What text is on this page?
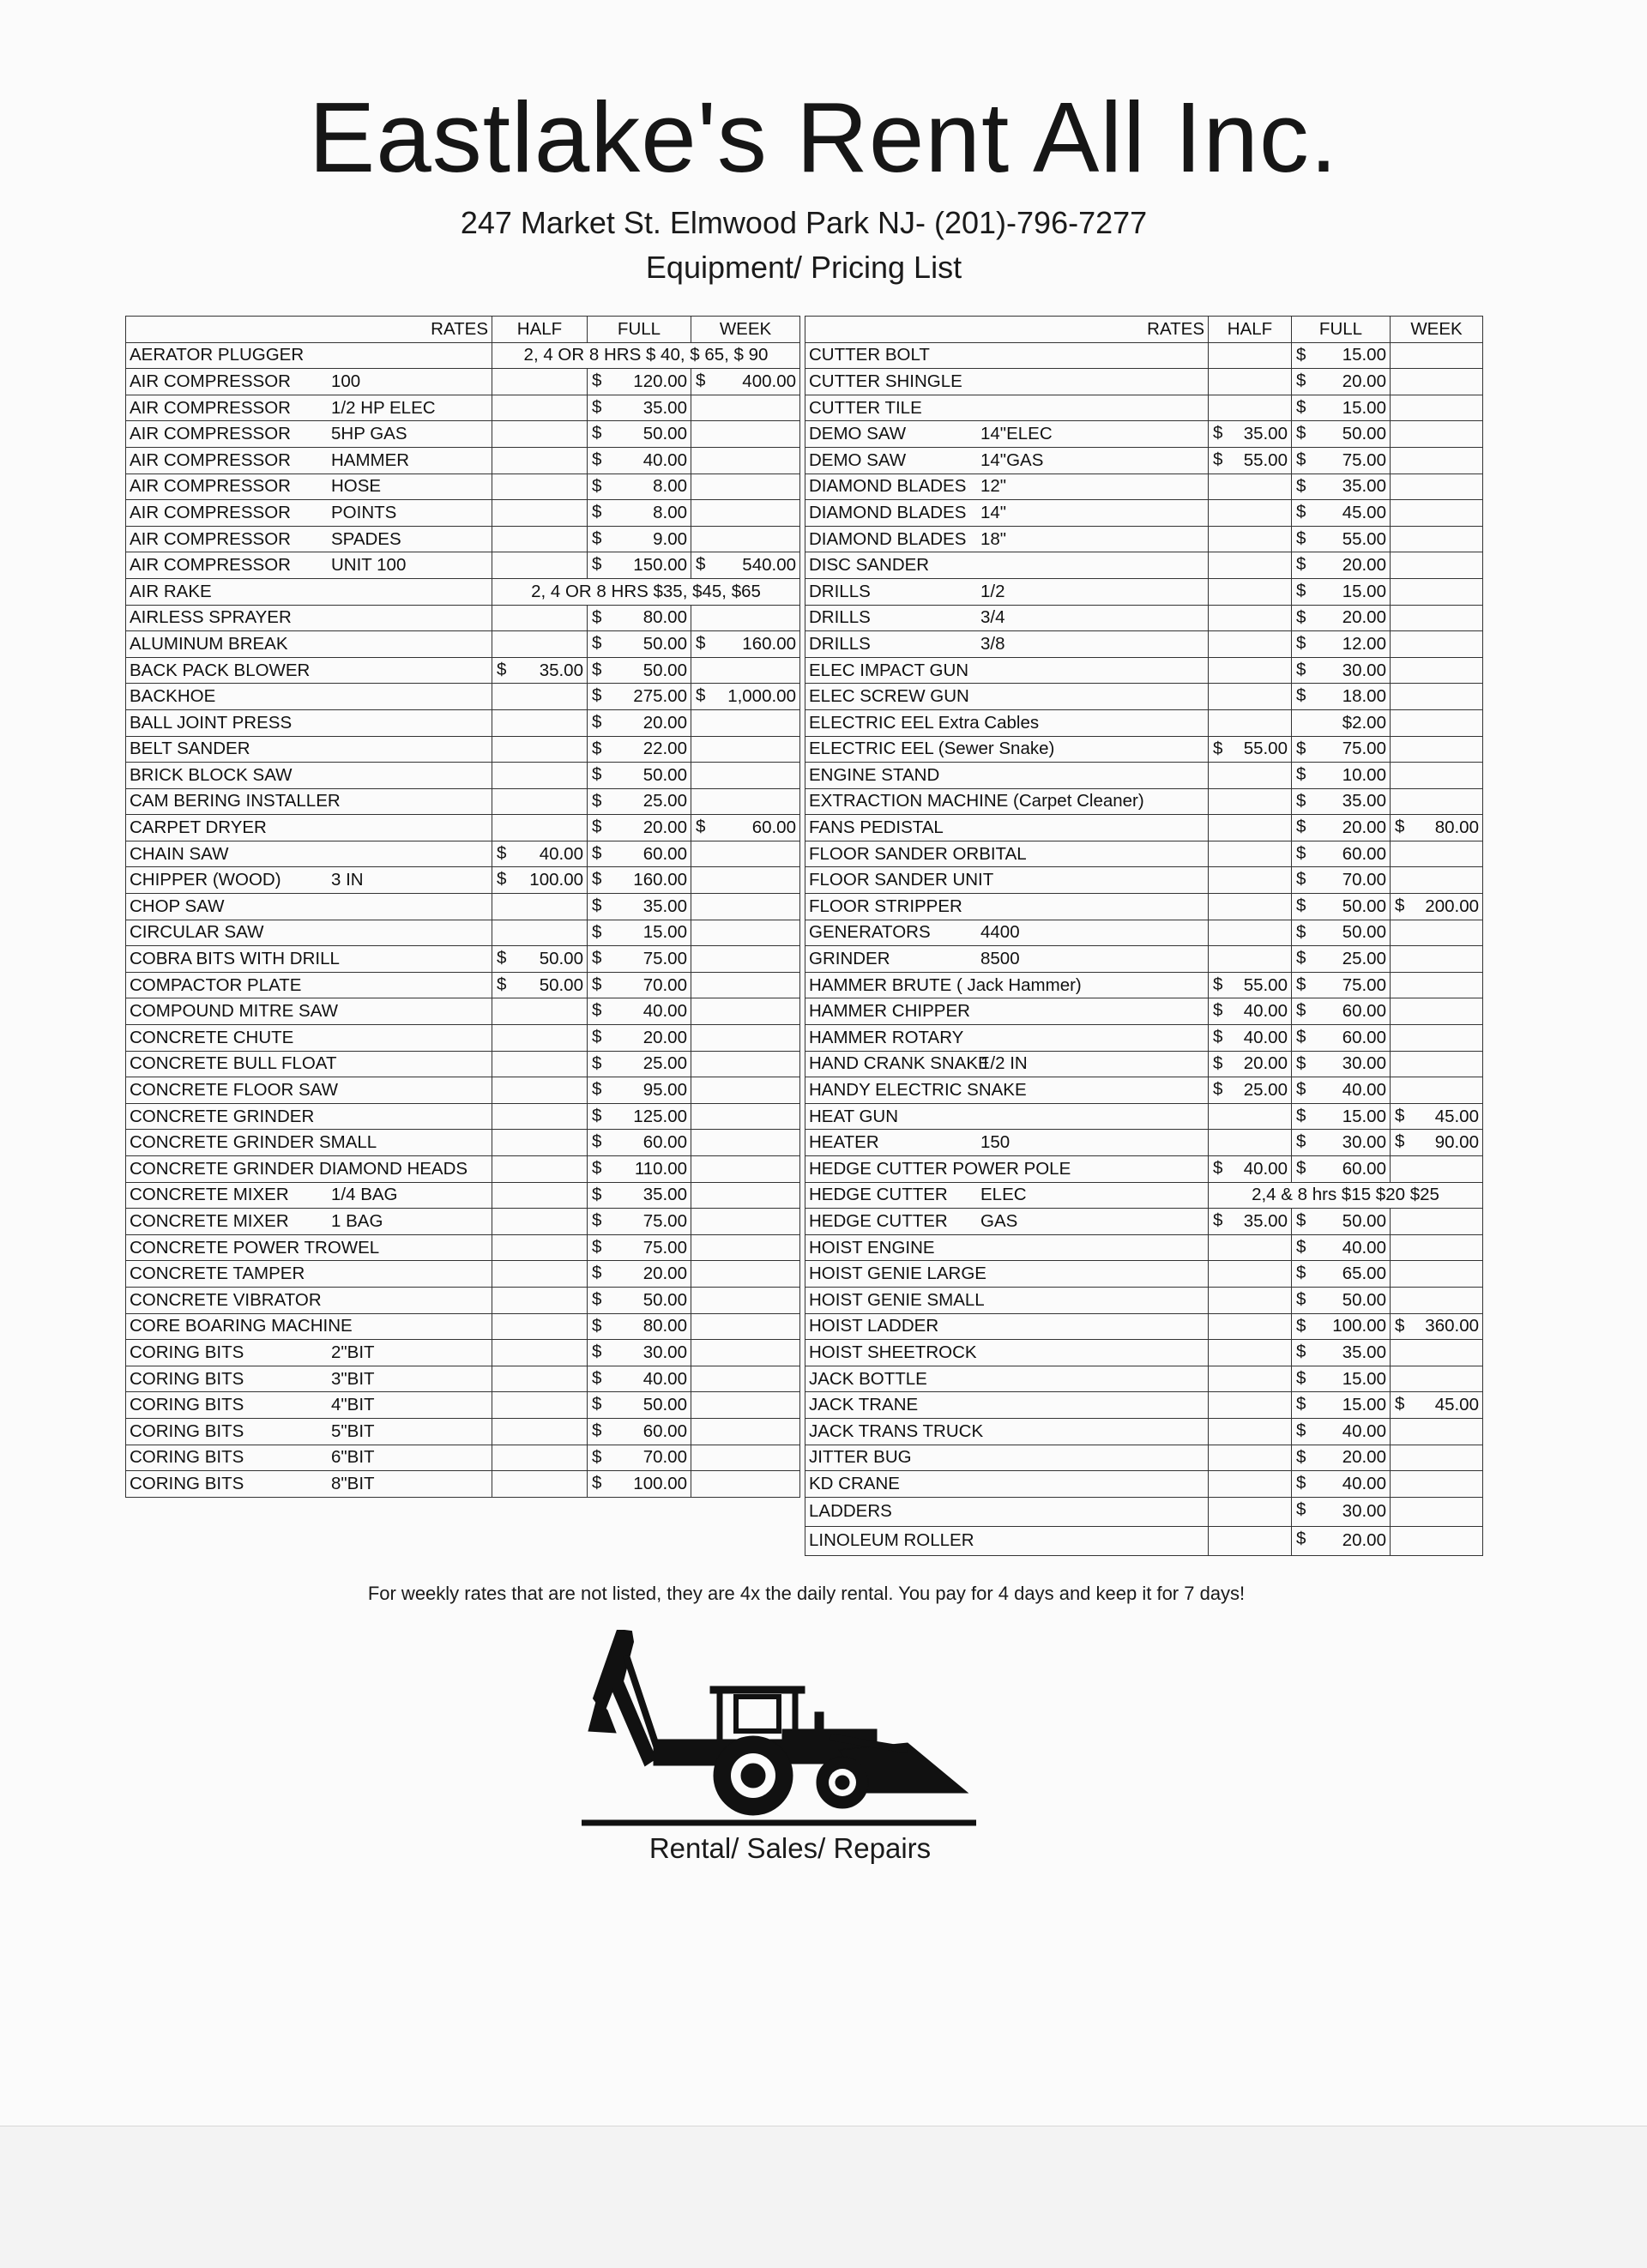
Eastlake's Rent All Inc.
247 Market St. Elmwood Park NJ- (201)-796-7277
Equipment/ Pricing List
RATES	HALF	FULL	WEEK
AERATOR PLUGGER	2, 4 OR 8 HRS $ 40, $ 65, $ 90		
AIR COMPRESSOR 100		$ 120.00	$ 400.00
AIR COMPRESSOR 1/2 HP ELEC		$ 35.00	
AIR COMPRESSOR 5HP GAS		$ 50.00	
AIR COMPRESSOR HAMMER		$ 40.00	
AIR COMPRESSOR HOSE		$ 8.00	
AIR COMPRESSOR POINTS		$ 8.00	
AIR COMPRESSOR SPADES		$ 9.00	
AIR COMPRESSOR UNIT 100		$ 150.00	$ 540.00
AIR RAKE	2, 4 OR 8 HRS $35, $45, $65		
AIRLESS SPRAYER		$ 80.00	
ALUMINUM BREAK		$ 50.00	$ 160.00
BACK PACK BLOWER	$ 35.00	$ 50.00	
BACKHOE		$ 275.00	$ 1,000.00
BALL JOINT PRESS		$ 20.00	
BELT SANDER		$ 22.00	
BRICK BLOCK SAW		$ 50.00	
CAM BERING INSTALLER		$ 25.00	
CARPET DRYER		$ 20.00	$ 60.00
CHAIN SAW	$ 40.00	$ 60.00	
CHIPPER (WOOD) 3 IN	$ 100.00	$ 160.00	
CHOP SAW		$ 35.00	
CIRCULAR SAW		$ 15.00	
COBRA BITS WITH DRILL	$ 50.00	$ 75.00	
COMPACTOR PLATE	$ 50.00	$ 70.00	
COMPOUND MITRE SAW		$ 40.00	
CONCRETE CHUTE		$ 20.00	
CONCRETE BULL FLOAT		$ 25.00	
CONCRETE FLOOR SAW		$ 95.00	
CONCRETE GRINDER		$ 125.00	
CONCRETE GRINDER SMALL		$ 60.00	
CONCRETE GRINDER DIAMOND HEADS		$ 110.00	
CONCRETE MIXER 1/4 BAG		$ 35.00	
CONCRETE MIXER 1 BAG		$ 75.00	
CONCRETE POWER TROWEL		$ 75.00	
CONCRETE TAMPER		$ 20.00	
CONCRETE VIBRATOR		$ 50.00	
CORE BOARING MACHINE		$ 80.00	
CORING BITS 2"BIT		$ 30.00	
CORING BITS 3"BIT		$ 40.00	
CORING BITS 4"BIT		$ 50.00	
CORING BITS 5"BIT		$ 60.00	
CORING BITS 6"BIT		$ 70.00	
CORING BITS 8"BIT		$ 100.00	
RATES	HALF	FULL	WEEK
CUTTER BOLT		$ 15.00	
CUTTER SHINGLE		$ 20.00	
CUTTER TILE		$ 15.00	
DEMO SAW 14"ELEC	$ 35.00	$ 50.00	
DEMO SAW 14"GAS	$ 55.00	$ 75.00	
DIAMOND BLADES 12"		$ 35.00	
DIAMOND BLADES 14"		$ 45.00	
DIAMOND BLADES 18"		$ 55.00	
DISC SANDER		$ 20.00	
DRILLS 1/2		$ 15.00	
DRILLS 3/4		$ 20.00	
DRILLS 3/8		$ 12.00	
ELEC IMPACT GUN		$ 30.00	
ELEC SCREW GUN		$ 18.00	
ELECTRIC EEL Extra Cables		$2.00	
ELECTRIC EEL (Sewer Snake)	$ 55.00	$ 75.00	
ENGINE STAND		$ 10.00	
EXTRACTION MACHINE (Carpet Cleaner)		$ 35.00	
FANS PEDISTAL		$ 20.00	$ 80.00
FLOOR SANDER ORBITAL		$ 60.00	
FLOOR SANDER UNIT		$ 70.00	
FLOOR STRIPPER		$ 50.00	$ 200.00
GENERATORS 4400		$ 50.00	
GRINDER 8500		$ 25.00	
HAMMER BRUTE ( Jack Hammer)	$ 55.00	$ 75.00	
HAMMER CHIPPER	$ 40.00	$ 60.00	
HAMMER ROTARY	$ 40.00	$ 60.00	
HAND CRANK SNAKE1/2 IN	$ 20.00	$ 30.00	
HANDY ELECTRIC SNAKE	$ 25.00	$ 40.00	
HEAT GUN		$ 15.00	$ 45.00
HEATER 150		$ 30.00	$ 90.00
HEDGE CUTTER POWER POLE	$ 40.00	$ 60.00	
HEDGE CUTTER ELEC	2,4 & 8 hrs $15 $20 $25		
HEDGE CUTTER GAS	$ 35.00	$ 50.00	
HOIST ENGINE		$ 40.00	
HOIST GENIE LARGE		$ 65.00	
HOIST GENIE SMALL		$ 50.00	
HOIST LADDER		$ 100.00	$ 360.00
HOIST SHEETROCK		$ 35.00	
JACK BOTTLE		$ 15.00	
JACK TRANE		$ 15.00	$ 45.00
JACK TRANS TRUCK		$ 40.00	
JITTER BUG		$ 20.00	
KD CRANE		$ 40.00	
LADDERS		$ 30.00	
LINOLEUM ROLLER		$ 20.00	
For weekly rates that are not listed, they are 4x the daily rental. You pay for 4 days and keep it for 7 days!
Rental/ Sales/ Repairs
